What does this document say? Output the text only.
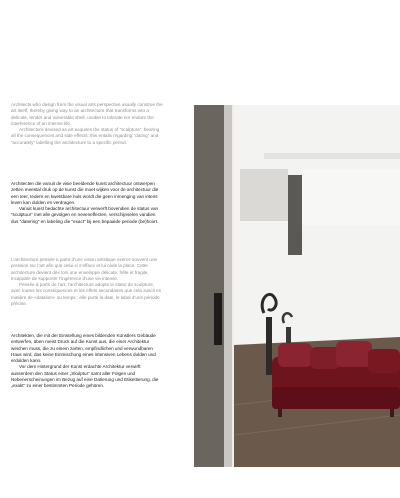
Architects who design from the visual arts perspective usually construe the art itself, thereby giving way to an architecture that transforms into a delicate, tender and vulnerable shell, unable to tolerate nor endure the interference of an intense life.

Architecture devised as art acquires the status of “sculpture”, bearing all the consequences and side effects: this entails regarding “dating” and “accurately” labelling the architecture to a specific period.

Architecten die vanuit de visie beeldende kunst architectuur ontwerpen zetten meestal druk op de kunst die moet wijken voor de architectuur die een teer, tedere en kwetsbare huls wordt die geen inmenging van intens leven kan dulden en verdragen.

Vanuit kunst bedachte architectuur verwerft bovendien de status van “sculptuur” met alle gevolgen en neveneffecten, verschijnselen vandien dus “datering” en labeling die “exact” bij een bepaalde periode (be)hoort.

L’architecture pensée à partir d’une vision artistique exerce souvent une pression sur l’art afin que celui-ci s’efface et lui cède la place. Cette architecture devient dès lors une enveloppe délicate, frêle et fragile, incapable de supporter l’ingérence d’une vie intense.

Pensée à partir de l’art, l’architecture adopte le statut de sculpture, avec toutes les conséquences et les effets secondaires que cela suscit en matière de «datation» ou temps : elle porte la date, le label d’une période précise.

Architekten, die mit der Einstellung eines bildenden Künstlers Gebäude entwerfen, üben meist Druck auf die Kunst aus, die einer Architektur weichen muss, die zu einem zarten, empfindlichen und verwundbaren Haus wird, das keine Einmischung eines intensiven Lebens dulden und erdulden kann.

Vor dem Hintergrund der Kunst erdachte Architektur verwirft ausserdem den Status einer „Skulptur“ samt aller Folgen und Nebenerscheinungen im Bezug auf eine Datierung und Etikettierung, die „exakt“ zu einer bestimmten Periode gehören.
